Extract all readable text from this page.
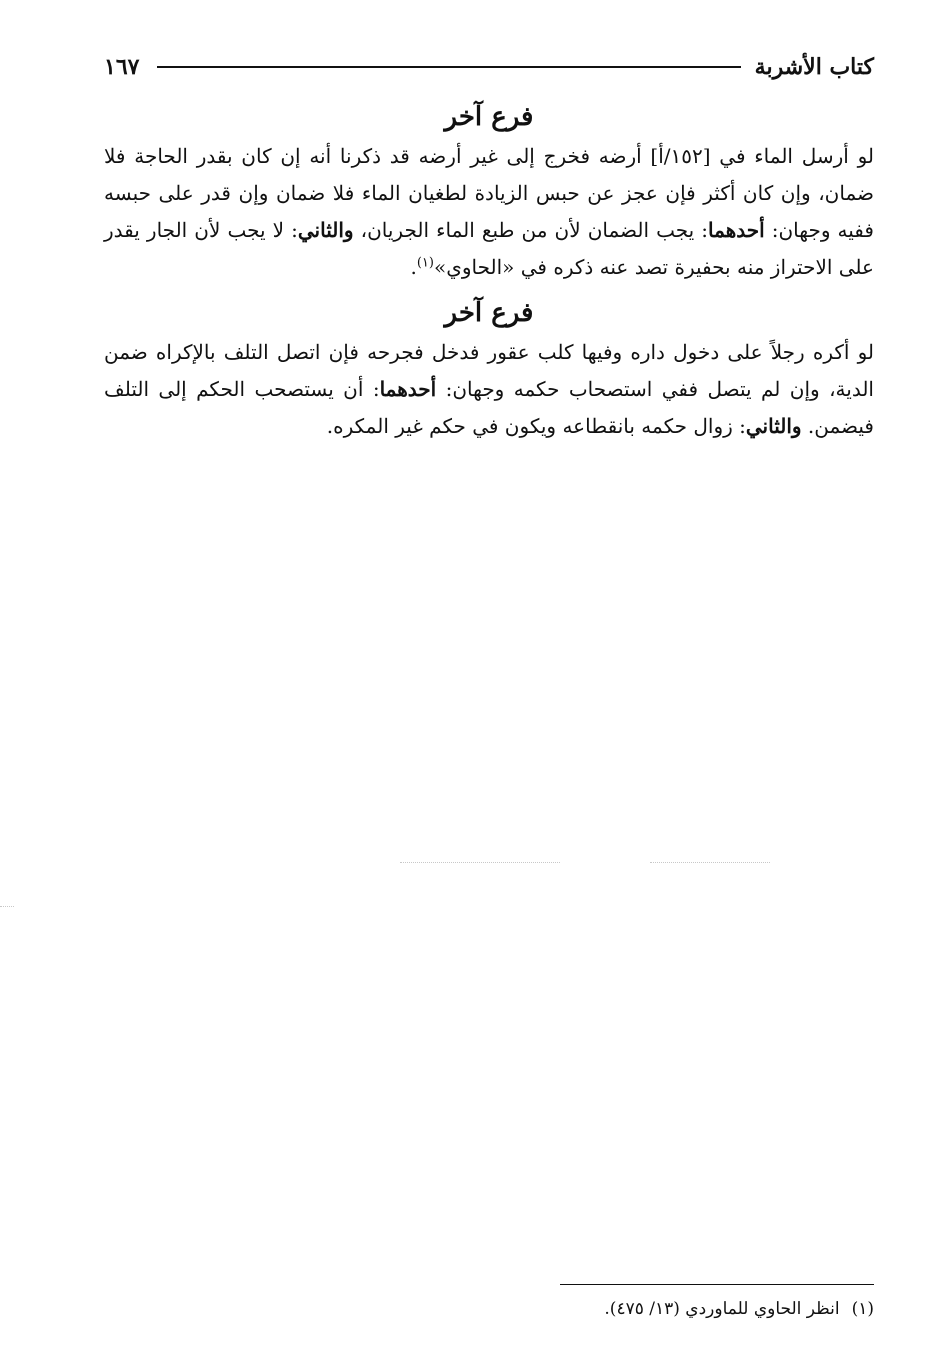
كتاب الأشربة
١٦٧
فرع آخر

لو أرسل الماء في [١٥٢/أ] أرضه فخرج إلى غير أرضه قد ذكرنا أنه إن كان بقدر الحاجة فلا ضمان، وإن كان أكثر فإن عجز عن حبس الزيادة لطغيان الماء فلا ضمان وإن قدر على حبسه ففيه وجهان: أحدهما: يجب الضمان لأن من طبع الماء الجريان، والثاني: لا يجب لأن الجار يقدر على الاحتراز منه بحفيرة تصد عنه ذكره في «الحاوي»$^{(١)}$.

فرع آخر

لو أكره رجلاً على دخول داره وفيها كلب عقور فدخل فجرحه فإن اتصل التلف بالإكراه ضمن الدية، وإن لم يتصل ففي استصحاب حكمه وجهان: أحدهما: أن يستصحب الحكم إلى التلف فيضمن. والثاني: زوال حكمه بانقطاعه ويكون في حكم غير المكره.

(١)انظر الحاوي للماوردي (١٣/ ٤٧٥).
